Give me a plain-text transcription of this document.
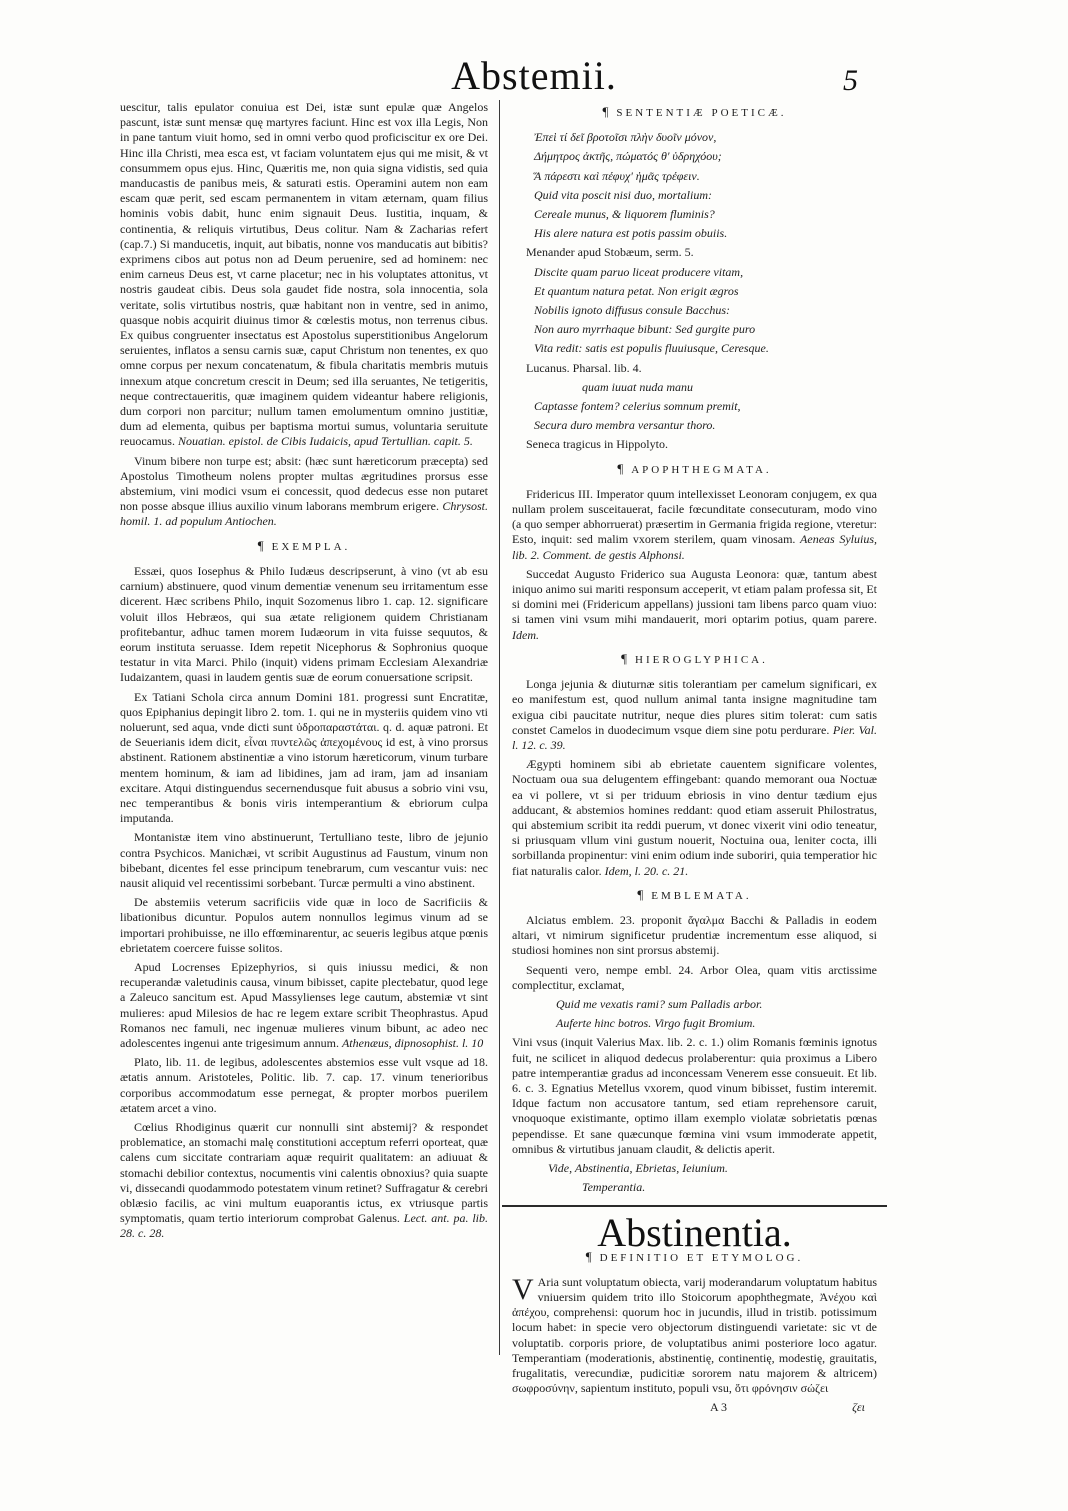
Abstemii.	5

uescitur, talis epulator conuiua est Dei, istæ sunt epulæ quæ Angelos pascunt, istæ sunt mensæ quę martyres faciunt. Hinc est vox illa Legis, Non in pane tantum viuit homo, sed in omni verbo quod proficiscitur ex ore Dei. Hinc illa Christi, mea esca est, vt faciam voluntatem ejus qui me misit, & vt consummem opus ejus. Hinc, Quæritis me, non quia signa vidistis, sed quia manducastis de panibus meis, & saturati estis. Operamini autem non eam escam quæ perit, sed escam permanentem in vitam æternam, quam filius hominis vobis dabit, hunc enim signauit Deus. Iustitia, inquam, & continentia, & reliquis virtutibus, Deus colitur. Nam & Zacharias refert (cap.7.) Si manducetis, inquit, aut bibatis, nonne vos manducatis aut bibitis? exprimens cibos aut potus non ad Deum peruenire, sed ad hominem: nec enim carneus Deus est, vt carne placetur; nec in his voluptates attonitus, vt nostris gaudeat cibis. Deus sola gaudet fide nostra, sola innocentia, sola veritate, solis virtutibus nostris, quæ habitant non in ventre, sed in animo, quasque nobis acquirit diuinus timor & cœlestis motus, non terrenus cibus. Ex quibus congruenter insectatus est Apostolus superstitionibus Angelorum seruientes, inflatos a sensu carnis suæ, caput Christum non tenentes, ex quo omne corpus per nexum concatenatum, & fibula charitatis membris mutuis innexum atque concretum crescit in Deum; sed illa seruantes, Ne tetigeritis, neque contrectaueritis, quæ imaginem quidem videantur habere religionis, dum corpori non parcitur; nullum tamen emolumentum omnino justitiæ, dum ad elementa, quibus per baptisma mortui sumus, voluntaria seruitute reuocamus. Nouatian. epistol. de Cibis Iudaicis, apud Tertullian. capit. 5.

Vinum bibere non turpe est; absit: (hæc sunt hæreticorum præcepta) sed Apostolus Timotheum nolens propter multas ægritudines prorsus esse abstemium, vini modici vsum ei concessit, quod dedecus esse non putaret non posse absque illius auxilio vinum laborans membrum erigere. Chrysost. homil. 1. ad populum Antiochen.

¶ EXEMPLA.

Essæi, quos Iosephus & Philo Iudæus descripserunt, à vino (vt ab esu carnium) abstinuere, quod vinum dementiæ venenum seu irritamentum esse dicerent. Hæc scribens Philo, inquit Sozomenus libro 1. cap. 12. significare voluit illos Hebræos, qui sua ætate religionem quidem Christianam profitebantur, adhuc tamen morem Iudæorum in vita fuisse sequutos, & eorum instituta seruasse. Idem repetit Nicephorus & Sophronius quoque testatur in vita Marci. Philo (inquit) videns primam Ecclesiam Alexandriæ Iudaizantem, quasi in laudem gentis suæ de eorum conuersatione scripsit.

Ex Tatiani Schola circa annum Domini 181. progressi sunt Encratitæ, quos Epiphanius depingit libro 2. tom. 1. qui ne in mysteriis quidem vino vti noluerunt, sed aqua, vnde dicti sunt ὑδροπαραστάται. q. d. aquæ patroni. Et de Seuerianis idem dicit, εἶναι πυντελῶς ἀπεχομένους id est, à vino prorsus abstinent. Rationem abstinentiæ a vino istorum hæreticorum, vinum turbare mentem hominum, & iam ad libidines, jam ad iram, jam ad insaniam excitare. Atqui distinguendus secernendusque fuit abusus a sobrio vini vsu, nec temperantibus & bonis viris intemperantium & ebriorum culpa imputanda.

Montanistæ item vino abstinuerunt, Tertulliano teste, libro de jejunio contra Psychicos. Manichæi, vt scribit Augustinus ad Faustum, vinum non bibebant, dicentes fel esse principum tenebrarum, cum vescantur vuis: nec nausit aliquid vel recentissimi sorbebant. Turcæ permulti a vino abstinent.

De abstemiis veterum sacrificiis vide quæ in loco de Sacrificiis & libationibus dicuntur. Populos autem nonnullos legimus vinum ad se importari prohibuisse, ne illo effœminarentur, ac seueris legibus atque pœnis ebrietatem coercere fuisse solitos.

Apud Locrenses Epizephyrios, si quis iniussu medici, & non recuperandæ valetudinis causa, vinum bibisset, capite plectebatur, quod lege a Zaleuco sancitum est. Apud Massylienses lege cautum, abstemiæ vt sint mulieres: apud Milesios de hac re legem extare scribit Theophrastus. Apud Romanos nec famuli, nec ingenuæ mulieres vinum bibunt, ac adeo nec adolescentes ingenui ante trigesimum annum. Athenæus, dipnosophist. l. 10

Plato, lib. 11. de legibus, adolescentes abstemios esse vult vsque ad 18. ætatis annum. Aristoteles, Politic. lib. 7. cap. 17. vinum tenerioribus corporibus accommodatum esse pernegat, & propter morbos puerilem ætatem arcet a vino.

Cœlius Rhodiginus quærit cur nonnulli sint abstemij? & respondet problematice, an stomachi malę constitutioni acceptum referri oporteat, quæ calens cum siccitate contrariam aquæ requirit qualitatem: an adiuuat & stomachi debilior contextus, nocumentis vini calentis obnoxius? quia suapte vi, dissecandi quodammodo potestatem vinum retinet? Suffragatur & cerebri oblæsio facilis, ac vini multum euaporantis ictus, ex vtriusque partis symptomatis, quam tertio interiorum comprobat Galenus. Lect. ant. pa. lib. 28. c. 28.

¶ SENTENTIÆ POETICÆ.

Ἐπεὶ τί δεῖ βροτοῖσι πλὴν δυοῖν μόνον,

Δήμητρος ἀκτῆς, πώματός θ' ὑδρηχόου;

Ἅ πάρεστι καὶ πέφυχ' ἡμᾶς τρέφειν.

Quid vita poscit nisi duo, mortalium:

Cereale munus, & liquorem fluminis?

His alere natura est potis passim obuiis.

Menander apud Stobæum, serm. 5.

Discite quam paruo liceat producere vitam,

Et quantum natura petat. Non erigit ægros

Nobilis ignoto diffusus consule Bacchus:

Non auro myrrhaque bibunt: Sed gurgite puro

Vita redit: satis est populis fluuiusque, Ceresque.

Lucanus. Pharsal. lib. 4.

quam iuuat nuda manu

Captasse fontem? celerius somnum premit,

Secura duro membra versantur thoro.

Seneca tragicus in Hippolyto.

¶ APOPHTHEGMATA.

Fridericus III. Imperator quum intellexisset Leonoram conjugem, ex qua nullam prolem susceitauerat, facile fœcunditate consecuturam, modo vino (a quo semper abhorruerat) præsertim in Germania frigida regione, vteretur: Esto, inquit: sed malim vxorem sterilem, quam vinosam. Aeneas Syluius, lib. 2. Comment. de gestis Alphonsi.

Succedat Augusto Friderico sua Augusta Leonora: quæ, tantum abest iniquo animo sui mariti responsum acceperit, vt etiam palam professa sit, Et si domini mei (Fridericum appellans) jussioni tam libens parco quam viuo: si tamen vini vsum mihi mandauerit, mori optarim potius, quam parere. Idem.

¶ HIEROGLYPHICA.

Longa jejunia & diuturnæ sitis tolerantiam per camelum significari, ex eo manifestum est, quod nullum animal tanta insigne magnitudine tam exigua cibi paucitate nutritur, neque dies plures sitim tolerat: cum satis constet Camelos in duodecimum vsque diem sine potu perdurare. Pier. Val. l. 12. c. 39.

Ægypti hominem sibi ab ebrietate cauentem significare volentes, Noctuam oua sua delugentem effingebant: quando memorant oua Noctuæ ea vi pollere, vt si per triduum ebriosis in vino dentur tædium ejus adducant, & abstemios homines reddant: quod etiam asseruit Philostratus, qui abstemium scribit ita reddi puerum, vt donec vixerit vini odio teneatur, si priusquam vllum vini gustum nouerit, Noctuina oua, leniter cocta, illi sorbillanda propinentur: vini enim odium inde suboriri, quia temperatior hic fiat naturalis calor. Idem, l. 20. c. 21.

¶ EMBLEMATA.

Alciatus emblem. 23. proponit ἄγαλμα Bacchi & Palladis in eodem altari, vt nimirum significetur prudentiæ incrementum esse aliquod, si studiosi homines non sint prorsus abstemij.

Sequenti vero, nempe embl. 24. Arbor Olea, quam vitis arctissime complectitur, exclamat,

Quid me vexatis rami? sum Palladis arbor.

Auferte hinc botros. Virgo fugit Bromium.

Vini vsus (inquit Valerius Max. lib. 2. c. 1.) olim Romanis fœminis ignotus fuit, ne scilicet in aliquod dedecus prolaberentur: quia proximus a Libero patre intemperantiæ gradus ad inconcessam Venerem esse consueuit. Et lib. 6. c. 3. Egnatius Metellus vxorem, quod vinum bibisset, fustim interemit. Idque factum non accusatore tantum, sed etiam reprehensore caruit, vnoquoque existimante, optimo illam exemplo violatæ sobrietatis pœnas pependisse. Et sane quæcunque fœmina vini vsum immoderate appetit, omnibus & virtutibus januam claudit, & delictis aperit.

Vide, Abstinentia, Ebrietas, Ieiunium.

Temperantia.

Abstinentia.
¶ DEFINITIO ET ETYMOLOG.

V Aria sunt voluptatum obiecta, varij moderandarum voluptatum habitus vniuersim quidem trito illo Stoicorum apophthegmate, Ἀνέχου καὶ ἀπέχου, comprehensi: quorum hoc in jucundis, illud in tristib. potissimum locum habet: in specie vero objectorum distinguendi varietate: sic vt de voluptatib. corporis priore, de voluptatibus animi posteriore loco agatur. Temperantiam (moderationis, abstinentię, continentię, modestię, grauitatis, frugalitatis, verecundiæ, pudicitiæ sororem natu majorem & altricem) σωφροσύνην, sapientum instituto, populi vsu, ὅτι φρόνησιν σώζει

A 3	ζει
